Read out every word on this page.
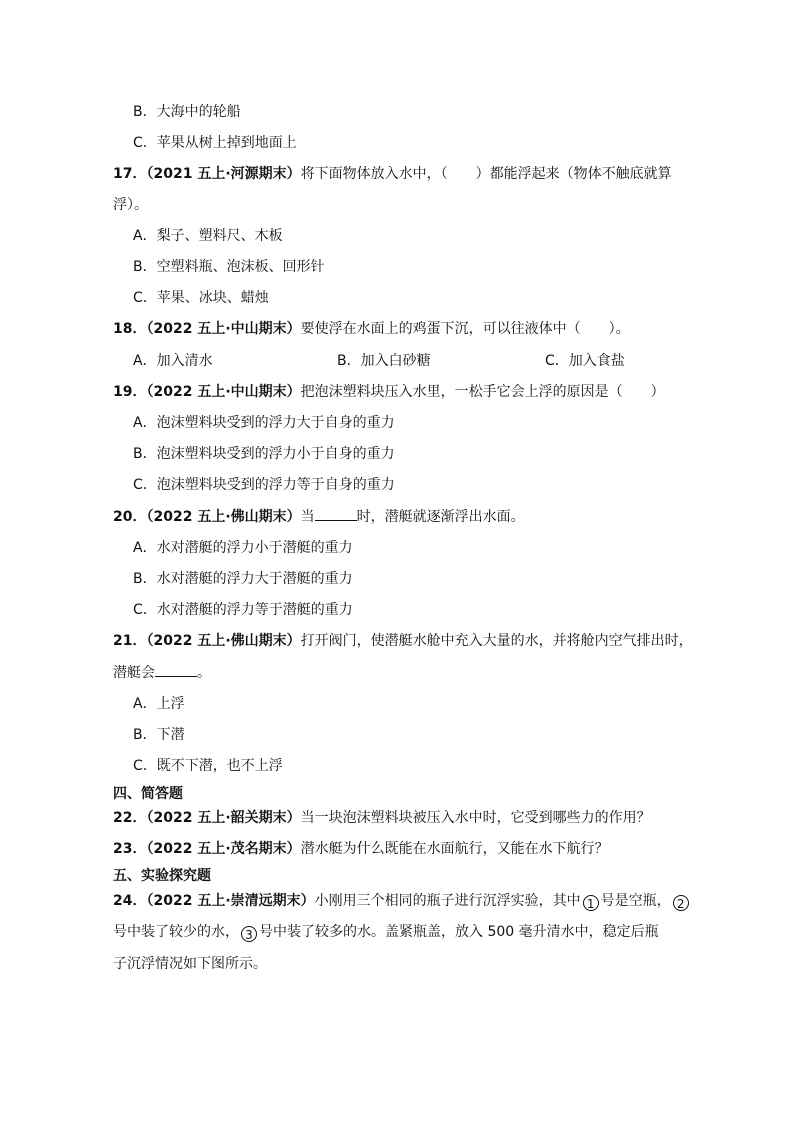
B．大海中的轮船
C．苹果从树上掉到地面上
17．（2021 五上·河源期末）将下面物体放入水中，（ ）都能浮起来（物体不触底就算
浮）。
A．梨子、塑料尺、木板
B．空塑料瓶、泡沫板、回形针
C．苹果、冰块、蜡烛
18．（2022 五上·中山期末）要使浮在水面上的鸡蛋下沉，可以往液体中（ ）。
A．加入清水	B．加入白砂糖	C．加入食盐
19．（2022 五上·中山期末）把泡沫塑料块压入水里，一松手它会上浮的原因是（ ）
A．泡沫塑料块受到的浮力大于自身的重力
B．泡沫塑料块受到的浮力小于自身的重力
C．泡沫塑料块受到的浮力等于自身的重力
20．（2022 五上·佛山期末）当	时，潜艇就逐渐浮出水面。
A．水对潜艇的浮力小于潜艇的重力
B．水对潜艇的浮力大于潜艇的重力
C．水对潜艇的浮力等于潜艇的重力
21．（2022 五上·佛山期末）打开阀门，使潜艇水舱中充入大量的水，并将舱内空气排出时，
潜艇会	。
A．上浮
B．下潜
C．既不下潜，也不上浮
四、简答题
22．（2022 五上·韶关期末）当一块泡沫塑料块被压入水中时，它受到哪些力的作用？
23．（2022 五上·茂名期末）潜水艇为什么既能在水面航行，又能在水下航行？
五、实验探究题
24．（2022 五上·崇清远期末）小刚用三个相同的瓶子进行沉浮实验，其中 1 号是空瓶， 2
号中装了较少的水， 3 号中装了较多的水。盖紧瓶盖，放入 500 毫升清水中，稳定后瓶
子沉浮情况如下图所示。
